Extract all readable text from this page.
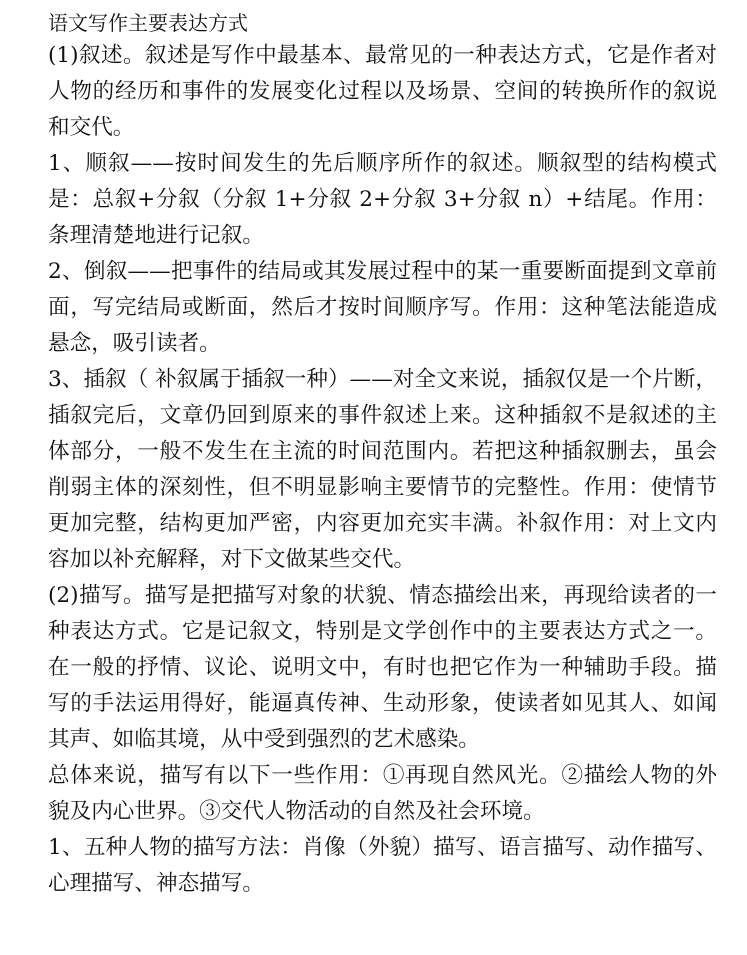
语文写作主要表达方式

(1)叙述。叙述是写作中最基本、最常见的一种表达方式，它是作者对人物的经历和事件的发展变化过程以及场景、空间的转换所作的叙说和交代。

1、顺叙——按时间发生的先后顺序所作的叙述。顺叙型的结构模式是：总叙+分叙（分叙 1+分叙 2+分叙 3+分叙 n）+结尾。作用：条理清楚地进行记叙。

2、倒叙——把事件的结局或其发展过程中的某一重要断面提到文章前面，写完结局或断面，然后才按时间顺序写。作用：这种笔法能造成悬念，吸引读者。

3、插叙（ 补叙属于插叙一种）——对全文来说，插叙仅是一个片断，插叙完后，文章仍回到原来的事件叙述上来。这种插叙不是叙述的主体部分，一般不发生在主流的时间范围内。若把这种插叙删去，虽会削弱主体的深刻性，但不明显影响主要情节的完整性。作用：使情节更加完整，结构更加严密，内容更加充实丰满。补叙作用：对上文内容加以补充解释，对下文做某些交代。

(2)描写。描写是把描写对象的状貌、情态描绘出来，再现给读者的一种表达方式。它是记叙文，特别是文学创作中的主要表达方式之一。在一般的抒情、议论、说明文中，有时也把它作为一种辅助手段。描写的手法运用得好，能逼真传神、生动形象，使读者如见其人、如闻其声、如临其境，从中受到强烈的艺术感染。

总体来说，描写有以下一些作用：①再现自然风光。②描绘人物的外貌及内心世界。③交代人物活动的自然及社会环境。

1、五种人物的描写方法：肖像（外貌）描写、语言描写、动作描写、心理描写、神态描写。
